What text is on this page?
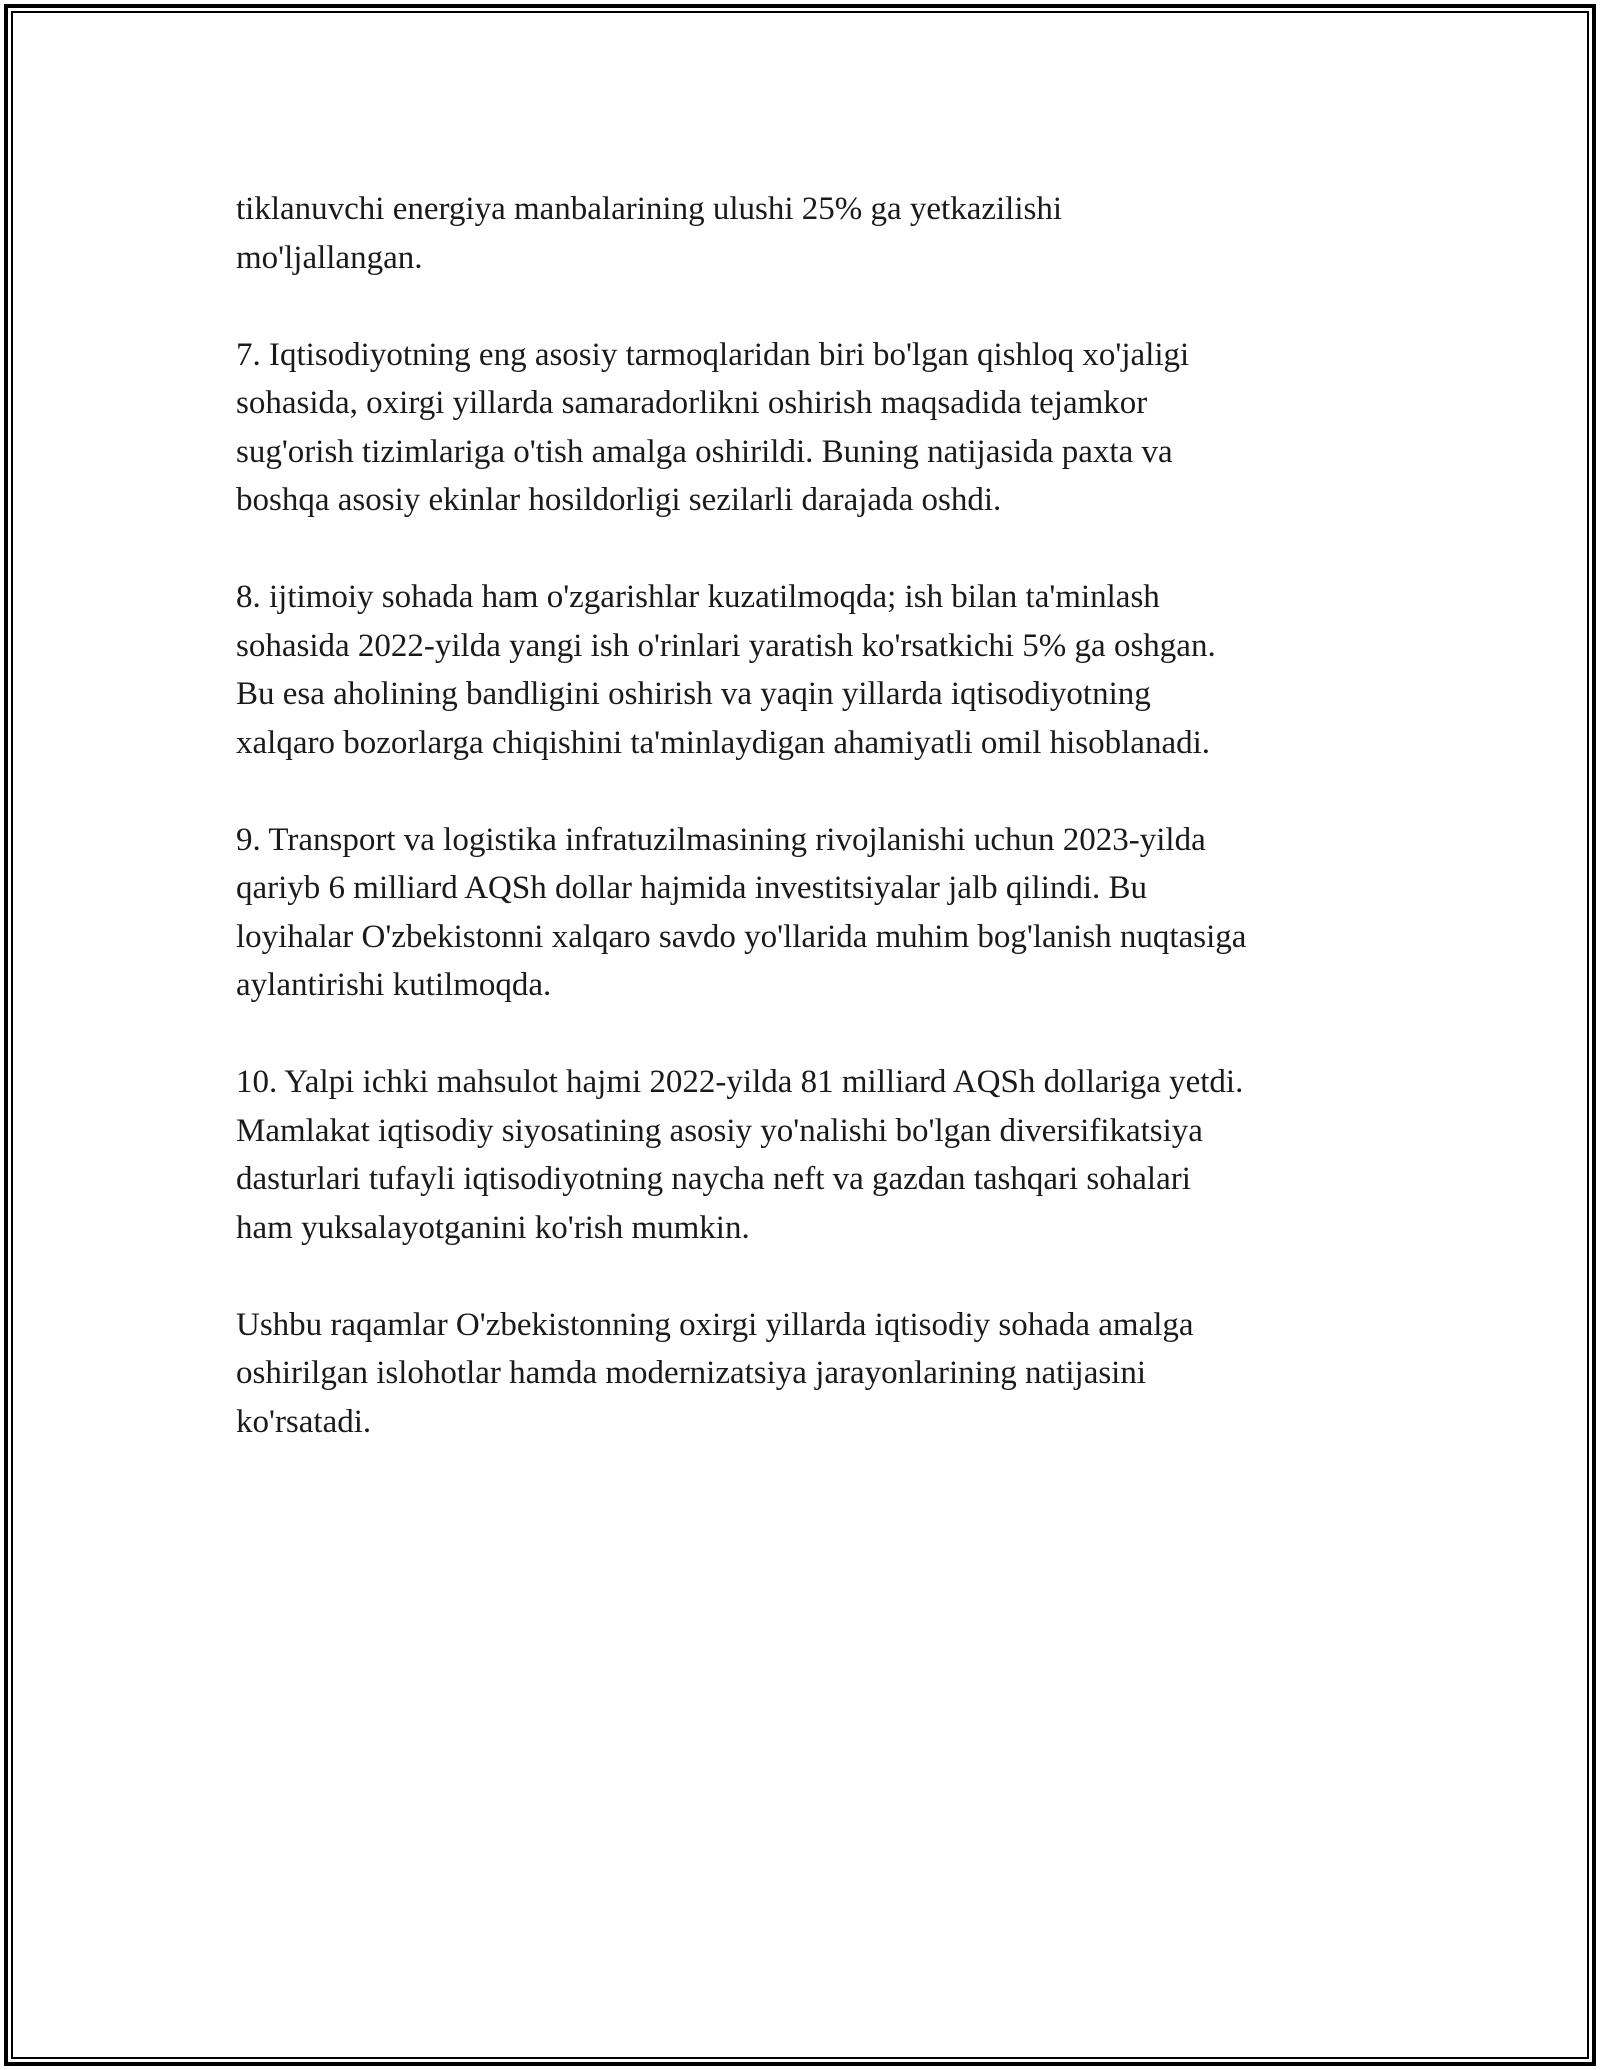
tiklanuvchi energiya manbalarining ulushi 25% ga yetkazilishi
mo'ljallangan.

7. Iqtisodiyotning eng asosiy tarmoqlaridan biri bo'lgan qishloq xo'jaligi
sohasida, oxirgi yillarda samaradorlikni oshirish maqsadida tejamkor
sug'orish tizimlariga o'tish amalga oshirildi. Buning natijasida paxta va
boshqa asosiy ekinlar hosildorligi sezilarli darajada oshdi.

8. ijtimoiy sohada ham o'zgarishlar kuzatilmoqda; ish bilan ta'minlash
sohasida 2022-yilda yangi ish o'rinlari yaratish ko'rsatkichi 5% ga oshgan.
Bu esa aholining bandligini oshirish va yaqin yillarda iqtisodiyotning
xalqaro bozorlarga chiqishini ta'minlaydigan ahamiyatli omil hisoblanadi.

9. Transport va logistika infratuzilmasining rivojlanishi uchun 2023-yilda
qariyb 6 milliard AQSh dollar hajmida investitsiyalar jalb qilindi. Bu
loyihalar O'zbekistonni xalqaro savdo yo'llarida muhim bog'lanish nuqtasiga
aylantirishi kutilmoqda.

10. Yalpi ichki mahsulot hajmi 2022-yilda 81 milliard AQSh dollariga yetdi.
Mamlakat iqtisodiy siyosatining asosiy yo'nalishi bo'lgan diversifikatsiya
dasturlari tufayli iqtisodiyotning naycha neft va gazdan tashqari sohalari
ham yuksalayotganini ko'rish mumkin.

Ushbu raqamlar O'zbekistonning oxirgi yillarda iqtisodiy sohada amalga
oshirilgan islohotlar hamda modernizatsiya jarayonlarining natijasini
ko'rsatadi.
